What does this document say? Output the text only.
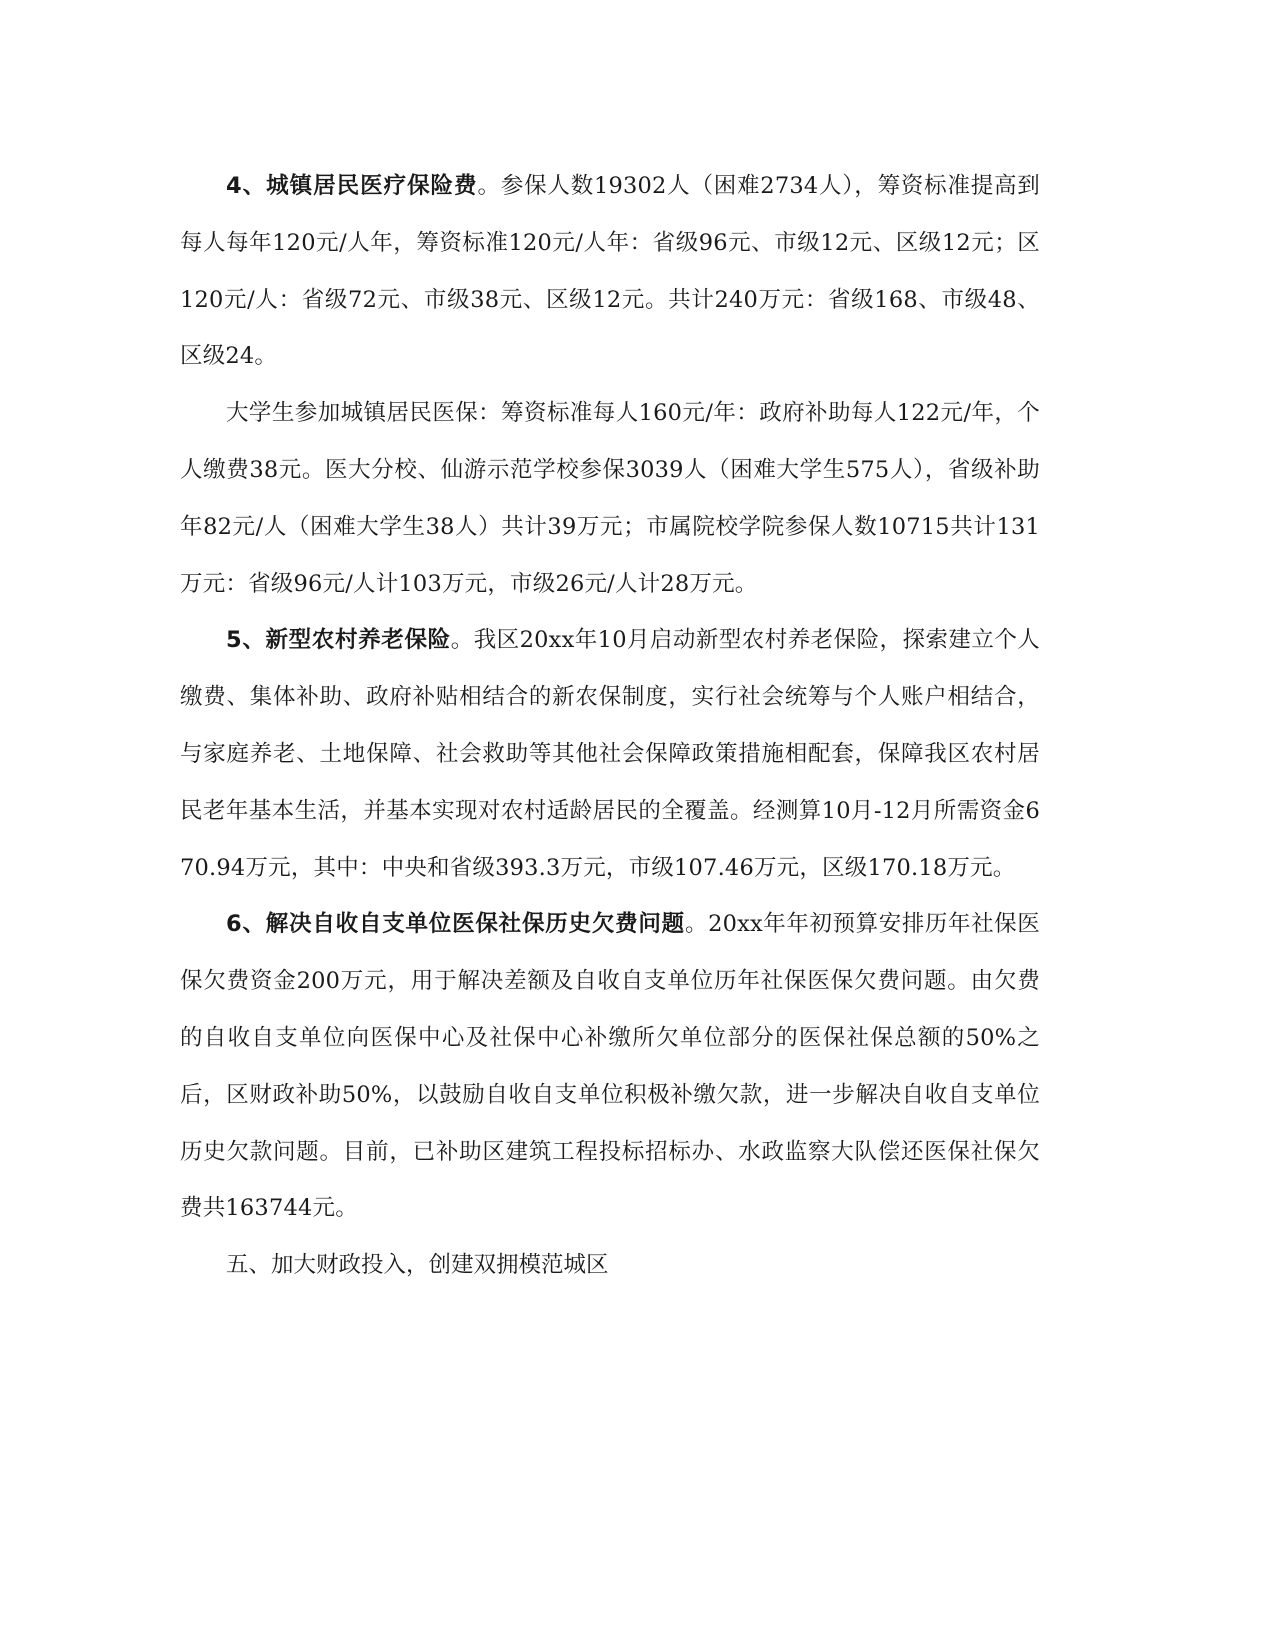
4、城镇居民医疗保险费。参保人数19302人（困难2734人），筹资标准提高到每人每年120元/人年，筹资标准120元/人年：省级96元、市级12元、区级12元；区120元/人：省级72元、市级38元、区级12元。共计240万元：省级168、市级48、区级24。

大学生参加城镇居民医保：筹资标准每人160元/年：政府补助每人122元/年，个人缴费38元。医大分校、仙游示范学校参保3039人（困难大学生575人），省级补助年82元/人（困难大学生38人）共计39万元；市属院校学院参保人数10715共计131万元：省级96元/人计103万元，市级26元/人计28万元。

5、新型农村养老保险。我区20xx年10月启动新型农村养老保险，探索建立个人缴费、集体补助、政府补贴相结合的新农保制度，实行社会统筹与个人账户相结合，与家庭养老、土地保障、社会救助等其他社会保障政策措施相配套，保障我区农村居民老年基本生活，并基本实现对农村适龄居民的全覆盖。经测算10月-12月所需资金670.94万元，其中：中央和省级393.3万元，市级107.46万元，区级170.18万元。

6、解决自收自支单位医保社保历史欠费问题。20xx年年初预算安排历年社保医保欠费资金200万元，用于解决差额及自收自支单位历年社保医保欠费问题。由欠费的自收自支单位向医保中心及社保中心补缴所欠单位部分的医保社保总额的50%之后，区财政补助50%，以鼓励自收自支单位积极补缴欠款，进一步解决自收自支单位历史欠款问题。目前，已补助区建筑工程投标招标办、水政监察大队偿还医保社保欠费共163744元。

五、加大财政投入，创建双拥模范城区
